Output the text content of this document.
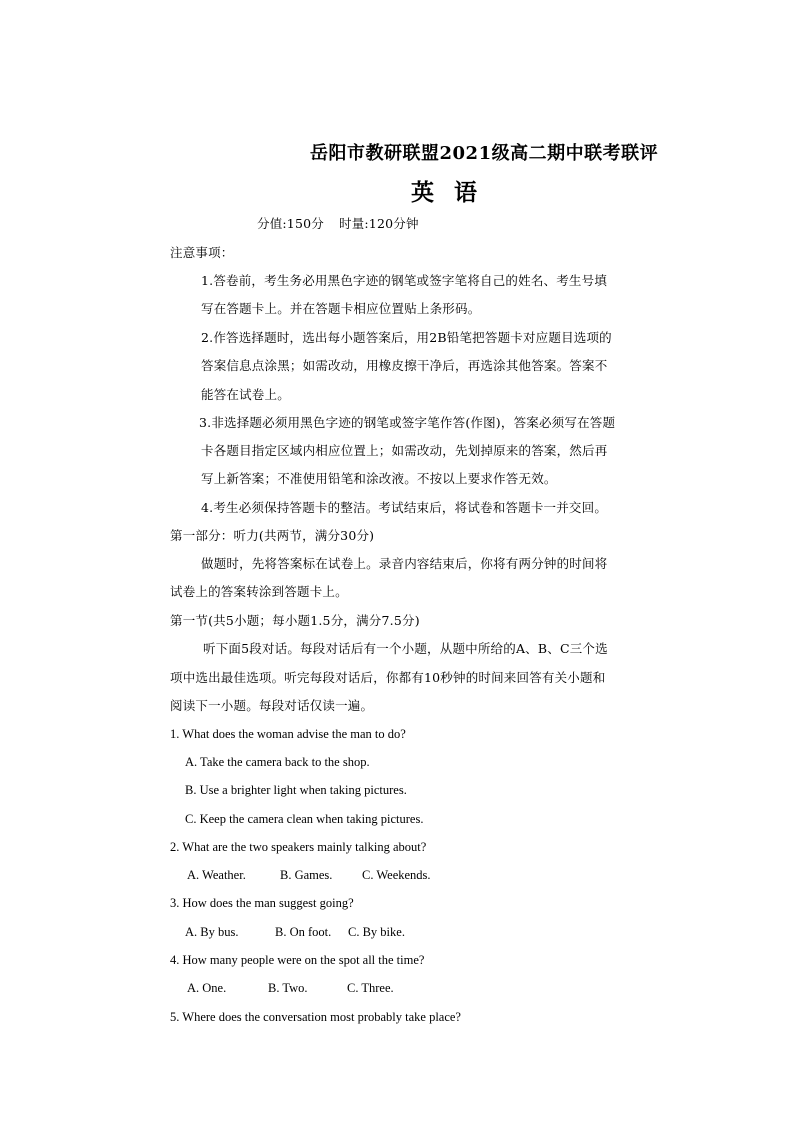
岳阳市教研联盟2021级高二期中联考联评
英 语
分值:150分 时量:120分钟
注意事项：
1.答卷前，考生务必用黑色字迹的钢笔或签字笔将自己的姓名、考生号填
写在答题卡上。并在答题卡相应位置贴上条形码。
2.作答选择题时，选出每小题答案后，用2B铅笔把答题卡对应题目选项的
答案信息点涂黑；如需改动，用橡皮擦干净后，再选涂其他答案。答案不
能答在试卷上。
3.非选择题必须用黑色字迹的钢笔或签字笔作答(作图)，答案必须写在答题
卡各题目指定区域内相应位置上；如需改动，先划掉原来的答案，然后再
写上新答案；不准使用铅笔和涂改液。不按以上要求作答无效。
4.考生必须保持答题卡的整洁。考试结束后，将试卷和答题卡一并交回。
第一部分：听力(共两节，满分30分)
做题时，先将答案标在试卷上。录音内容结束后，你将有两分钟的时间将
试卷上的答案转涂到答题卡上。
第一节(共5小题；每小题1.5分，满分7.5分)
听下面5段对话。每段对话后有一个小题，从题中所给的A、B、C三个选
项中选出最佳选项。听完每段对话后，你都有10秒钟的时间来回答有关小题和
阅读下一小题。每段对话仅读一遍。
1. What does the woman advise the man to do?
A. Take the camera back to the shop.
B. Use a brighter light when taking pictures.
C. Keep the camera clean when taking pictures.
2. What are the two speakers mainly talking about?
A. Weather.	B. Games. C. Weekends.
3. How does the man suggest going?
A. By bus.	B. On foot. C. By bike.
4. How many people were on the spot all the time?
A. One.	B. Two.	C. Three.
5. Where does the conversation most probably take place?
